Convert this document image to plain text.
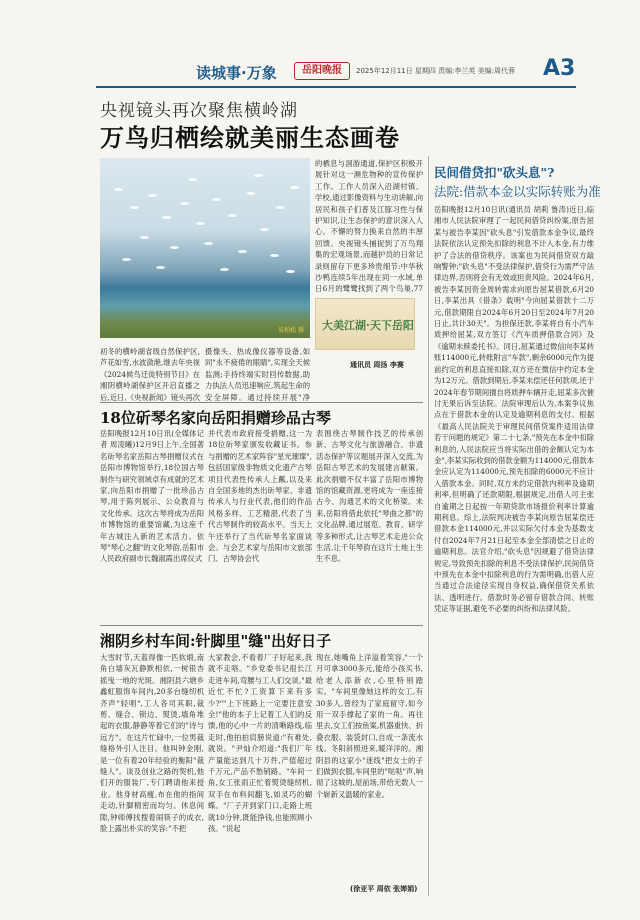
读城事·万象	岳阳晚报	2025年12月11日 星期四 责编:李兰英 美编:周代蓉 A3
央视镜头再次聚焦横岭湖
万鸟归栖绘就美丽生态画卷
易柏松 摄
的栖息与洄游通道,保护区积极开展针对这一濒危物种的宣传保护工作。工作人员深入沿湖村镇、学校,通过影像资料与生动讲解,向居民和孩子们普及江豚习性与保护知识,让生态保护的意识深入人心。不懈的努力换来自然的丰厚回馈。央视镜头捕捉到了万鸟翔集的宏观场景,而越护员的日常记录则留存下更多珍贵细节:中华秋沙鸭连续5年出现在同一水域,单日6月的鹭鹭找到了两个鸟巢,77
大美江湖·天下岳阳
初冬的横岭湖省级自然保护区,芦花如雪,水波潋滟,继去年央视《2024候鸟迁徙特别节目》在湘阴横岭湖保护区开启直播之后,近日,《央视新闻》镜头再次
摄像头、热成像仪器等设备,如同"永不疲倦的眼睛",实现全天候监测;手持终端实时回传数据,助力执法人员迅速响应,筑起生命的安全屏障。通过持续开展"净
通讯员 周扬 李赛
18位斫琴名家向岳阳捐赠珍品古琴
岳阳晚报12月10日讯(全媒体记者 周凌曦)12月9日上午,全国著名斫琴名家岳阳古琴捐赠仪式在岳阳市博物馆举行,18位国古琴制作与研究领域卓有成就的艺术家,向岳阳市捐赠了一批珍品古琴,用于陈列展示、公众教育与文化传承。这次古琴将成为岳阳市博物馆的重要馆藏,为这座千年古城注入新的艺术活力。依琴"琴心之翻"的文化琴韵,岳阳市人民政府副市长魏淑霞出席仪式
并代表市政府接受捐赠,这一为18位斫琴家颁发收藏证书。参与捐赠的艺术家阵容"星光璀璨",包括国家级非物质文化遗产古琴项目代表性传承人上瓤,以及来自全国多地的杰出斫琴家、非遗传承人与行业代表,他们的作品风格多样、工艺精湛,代表了当代古琴制作的较高水平。当天上午还举行了当代斫琴名家面谈会。与会艺术家与岳阳市文旅部门、古琴协会代
表围绕古琴制作技艺的传承创新、古琴文化与旅游融合、非遗活态保护等议题展开深入交流,为岳阳古琴艺术的发展建言献策。此次捐赠不仅丰富了岳阳市博物馆的馆藏资源,更将成为一座连接古今、沟通艺术的文化桥梁。未来,岳阳将借此依托"琴曲之都"的文化品牌,通过展览、教育、研学等多种形式,让古琴艺术走进公众生活,让千年琴韵在这片土地上生生不息。
湘阴乡村车间:针脚里"缝"出好日子
大雪时节,天蓝得像一匹软缎,南角白墙灰瓦静默相依,一树银杏摇曳一地的光斑。湘阴县六塘乡鑫虹服饰车间内,20多台缝纫机齐声"轻唱",工人各司其职,裁剪、缝合、锁边、熨烫,墙角堆起的衣服,静静等着它们的"诗与远方"。在这片忙碌中,一位男裁缝格外引人注目。他叫钟金刚,是一位有着20年经验的衡阳"裁缝人"。谈及创业之路的契机,他们开的服装厂,专门聘请他来授业。他身材高瘦,布在他的指间走动,针脚精密而均匀。休息间隙,钟师傅找搜着闹筷子的成衣,脸上露出朴实的笑容:"不把
大家教会,不看着厂子好起来,我就不走咯。"乡党委书记很长江走进车间,弯腰与工人们交谈,"最近忙不忙?工资算下来有多少?""上下班路上一定要注意安全!"他的本子上记着工人们的反馈,他的心中一片的清晰路线,临走时,他拍拍肩膀说道:"有难处,就说。"尹灿介绍道:"我们厂年产量能达到几十万件,产值超过千万元,产品不愁销路。"车间一角,女工张雨正忙着熨烫缝纫机,双手在布料间翻飞,如灵巧的蝴蝶。"厂子开到家门口,走路上班就10分钟,既能挣钱,也能照顾小孩。"说起
现在,她嘴角上洋溢着笑容,"一个月可拿3000多元,能给小孩买书,给老人添新衣,心里特别踏实。"车间里像她这样的女工,有30多人,曾经为了家庭留守,如今用一双手撑起了家的一角。再往里去,女工们按鱼案,机器重快、折叠衣服、装袋封口,自成一条流水线。冬阳斜照进来,暖洋洋的。湘阴县的这家小"迷线"把女士的子们做到衣服,车间里的"哒哒"声,响彻了这城的,屋前场,带给无数人一个崭新又温暖的家业。
(徐亚平 周依 张婵娟)
民间借贷扣"砍头息"?
法院:借款本金以实际转账为准
岳阳晚报12月10日讯(通讯员 胡莉 鲁涛)近日,临湘市人民法院审理了一起民间借贷纠纷案,原告屈某与被告李某因"砍头息"引发借款本金争议,最终法院依法认定预先扣除的利息不计入本金,有力维护了合法的借贷秩序。该案也为民间借贷双方敲响警钟:"砍头息"不受法律保护,借贷行为需严守法律边界,否则将会有无效或担责风险。2024年6月,被告李某因资金周转需求向原告屈某借款,6月20日,李某出具《借条》载明"今向屈某借款十二万元,借款期限自2024年6月20日至2024年7月20日止,共计30天"。为担保还款,李某将自有小汽车质押给屈某,双方签订《汽车质押借款合同》及《逾期未赎委托书》。同日,屈某通过微信向李某转账114000元,转账附言"车款",剩余6000元作为提前约定的利息直接扣除,双方还在微信中约定本金为12万元。借款到期后,李某未偿还任何款项,还于2024年春节期间擅自将质押车辆开走,屈某多次催讨无果后诉至法院。法院审理后认为,本案争议焦点在于借款本金的认定及逾期利息的支付。根据《最高人民法院关于审理民间借贷案件适用法律若干问题的规定》第二十七条,"预先在本金中扣除利息的,人民法院应当将实际出借的金额认定为本金",李某实际收到的借款金额为114000元,借款本金应认定为114000元,预先扣除的6000元不应计入借款本金。同时,双方未约定借款内利率及逾期利率,但明确了还款期限,根据规定,出借人可主张自逾期之日起按一年期贷款市场报价利率计算逾期利息。综上,法院判决被告李某向原告屈某偿还借款本金114000元,并以实际欠付本金为基数支付自2024年7月21日起至本金全部清偿之日止的逾期利息。法官介绍,"砍头息"因规避了借贷法律规定,导致预先扣除的利息不受法律保护,民间借贷中预先在本金中扣除利息的行为需明确,出借人应当通过合法途径实现自身权益,确保借贷关系依法、透明进行。借款时务必留存借款合同、转账凭证等证据,避免不必要的纠纷和法律风险。
